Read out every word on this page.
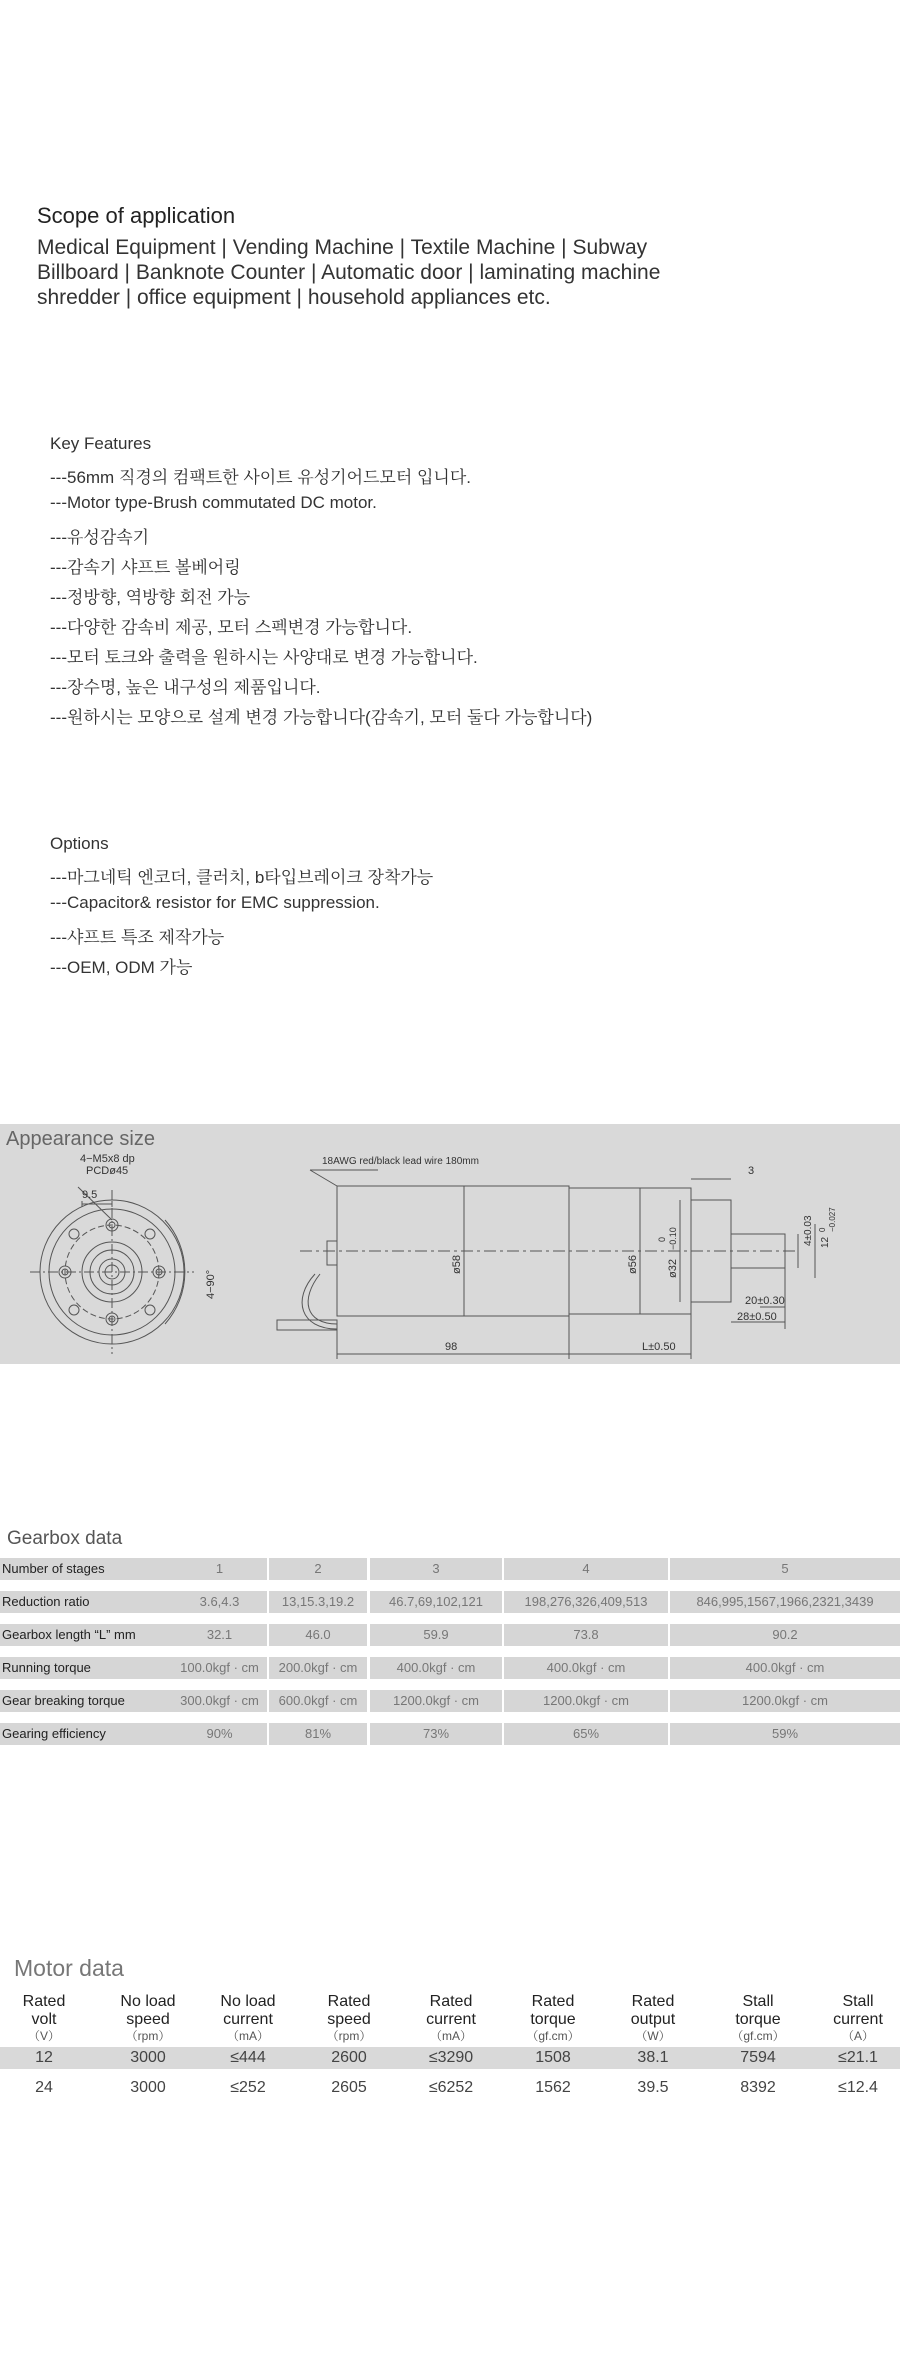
Scope of application
Medical Equipment | Vending Machine | Textile Machine | Subway
Billboard | Banknote Counter | Automatic door | laminating machine
shredder | office equipment | household appliances etc.
Key Features
---56mm 직경의 컴팩트한 사이트 유성기어드모터 입니다.
---Motor type-Brush commutated DC motor.
---유성감속기
---감속기 샤프트 볼베어링
---정방향, 역방향 회전 가능
---다양한 감속비 제공, 모터 스펙변경 가능합니다.
---모터 토크와 출력을 원하시는 사양대로 변경 가능합니다.
---장수명, 높은 내구성의 제품입니다.
---원하시는 모양으로 설계 변경 가능합니다(감속기, 모터 둘다 가능합니다)
Options
---마그네틱 엔코더, 클러치, b타입브레이크 장착가능
---Capacitor& resistor for EMC suppression.
---샤프트 특조 제작가능
---OEM, ODM 가능
Appearance size
4−M5x8 dp
PCDø45
9.5
4−90°
18AWG red/black lead wire 180mm
ø58	ø56	ø32
0 −0.10
3
4±0.03 12
0 −0.027
20±0.30
28±0.50
98	L±0.50
Gearbox data
Number of stages	1	2	3	4	5
Reduction ratio	3.6,4.3	13,15.3,19.2	46.7,69,102,121	198,276,326,409,513	846,995,1567,1966,2321,3439
Gearbox length “L” mm	32.1	46.0	59.9	73.8	90.2
Running torque	100.0kgf · cm	200.0kgf · cm	400.0kgf · cm	400.0kgf · cm	400.0kgf · cm
Gear breaking torque	300.0kgf · cm	600.0kgf · cm	1200.0kgf · cm	1200.0kgf · cm	1200.0kgf · cm
Gearing efficiency	90%	81%	73%	65%	59%
Motor data
Rated
volt
（V）
No load
speed
（rpm）
No load
current
（mA）
Rated
speed
（rpm）
Rated
current
（mA）
Rated
torque
（gf.cm）
Rated
output
（W）
Stall
torque
（gf.cm）
Stall
current
（A）
12	3000	≤444	2600	≤3290	1508	38.1	7594	≤21.1
24	3000	≤252	2605	≤6252	1562	39.5	8392	≤12.4
